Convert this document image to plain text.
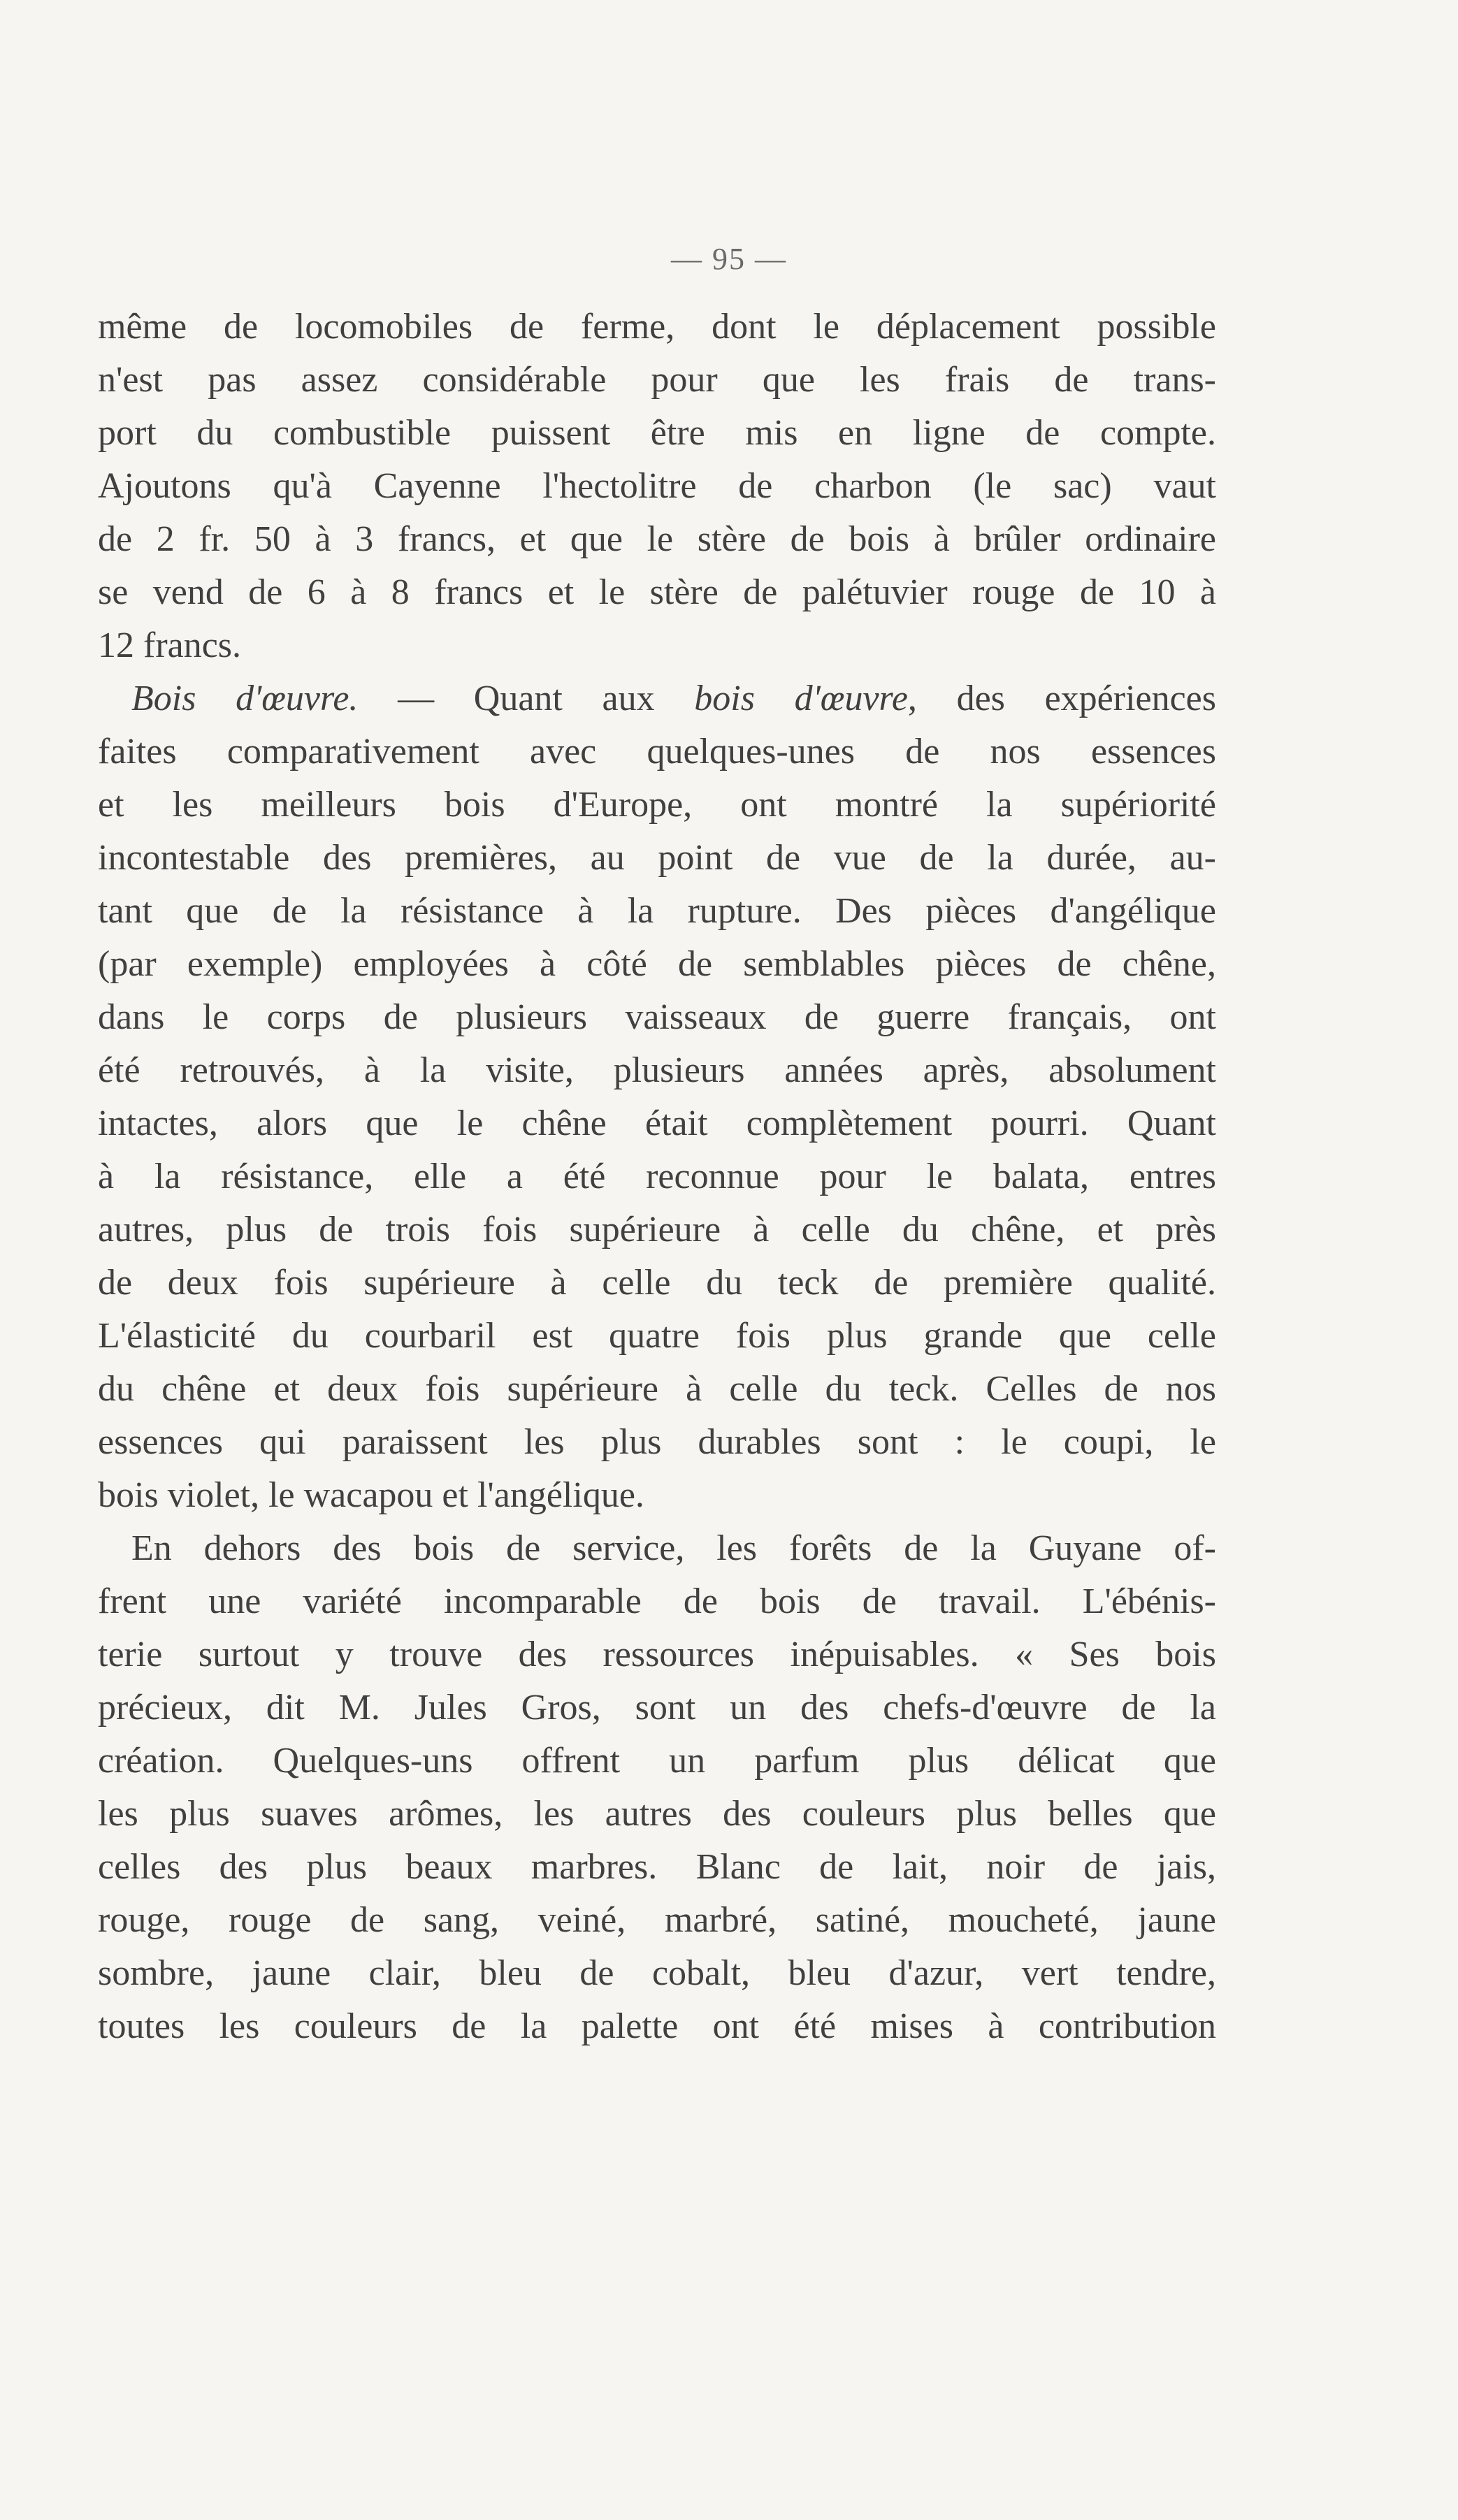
— 95 —
même de locomobiles de ferme, dont le déplacement possible
n'est pas assez considérable pour que les frais de trans-
port du combustible puissent être mis en ligne de compte.
Ajoutons qu'à Cayenne l'hectolitre de charbon (le sac) vaut
de 2 fr. 50 à 3 francs, et que le stère de bois à brûler ordinaire
se vend de 6 à 8 francs et le stère de palétuvier rouge de 10 à
12 francs.
Bois d'œuvre. — Quant aux bois d'œuvre, des expériences
faites comparativement avec quelques-unes de nos essences
et les meilleurs bois d'Europe, ont montré la supériorité
incontestable des premières, au point de vue de la durée, au-
tant que de la résistance à la rupture. Des pièces d'angélique
(par exemple) employées à côté de semblables pièces de chêne,
dans le corps de plusieurs vaisseaux de guerre français, ont
été retrouvés, à la visite, plusieurs années après, absolument
intactes, alors que le chêne était complètement pourri. Quant
à la résistance, elle a été reconnue pour le balata, entres
autres, plus de trois fois supérieure à celle du chêne, et près
de deux fois supérieure à celle du teck de première qualité.
L'élasticité du courbaril est quatre fois plus grande que celle
du chêne et deux fois supérieure à celle du teck. Celles de nos
essences qui paraissent les plus durables sont : le coupi, le
bois violet, le wacapou et l'angélique.
En dehors des bois de service, les forêts de la Guyane of-
frent une variété incomparable de bois de travail. L'ébénis-
terie surtout y trouve des ressources inépuisables. « Ses bois
précieux, dit M. Jules Gros, sont un des chefs-d'œuvre de la
création. Quelques-uns offrent un parfum plus délicat que
les plus suaves arômes, les autres des couleurs plus belles que
celles des plus beaux marbres. Blanc de lait, noir de jais,
rouge, rouge de sang, veiné, marbré, satiné, moucheté, jaune
sombre, jaune clair, bleu de cobalt, bleu d'azur, vert tendre,
toutes les couleurs de la palette ont été mises à contribution
